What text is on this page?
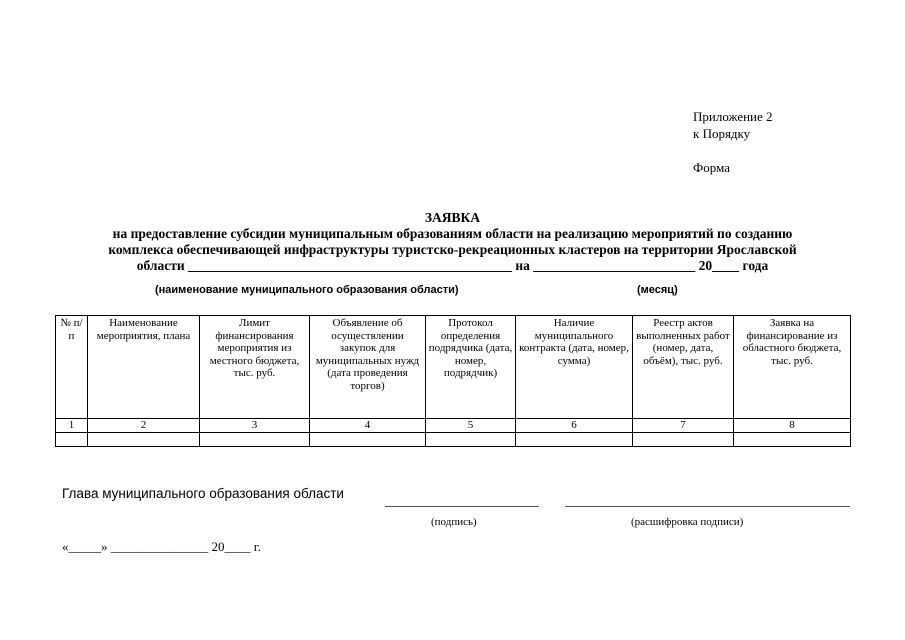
Приложение 2
к Порядку
Форма
ЗАЯВКА
на предоставление субсидии муниципальным образованиям области на реализацию мероприятий по созданию
комплекса обеспечивающей инфраструктуры туристско-рекреационных кластеров на территории Ярославской
области ________________________________________________ на ________________________ 20____ года
(наименование муниципального образования области)	(месяц)
№ п/п	Наименование мероприятия, плана	Лимит финансирования мероприятия из местного бюджета, тыс. руб.	Объявление об осуществлении закупок для муниципальных нужд (дата проведения торгов)	Протокол определения подрядчика (дата, номер, подрядчик)	Наличие муниципального контракта (дата, номер, сумма)	Реестр актов выполненных работ (номер, дата, объём), тыс. руб.	Заявка на финансирование из областного бюджета, тыс. руб.
1	2	3	4	5	6	7	8

Глава муниципального образования области
(подпись)	(расшифровка подписи)
«_____» _______________ 20____ г.
